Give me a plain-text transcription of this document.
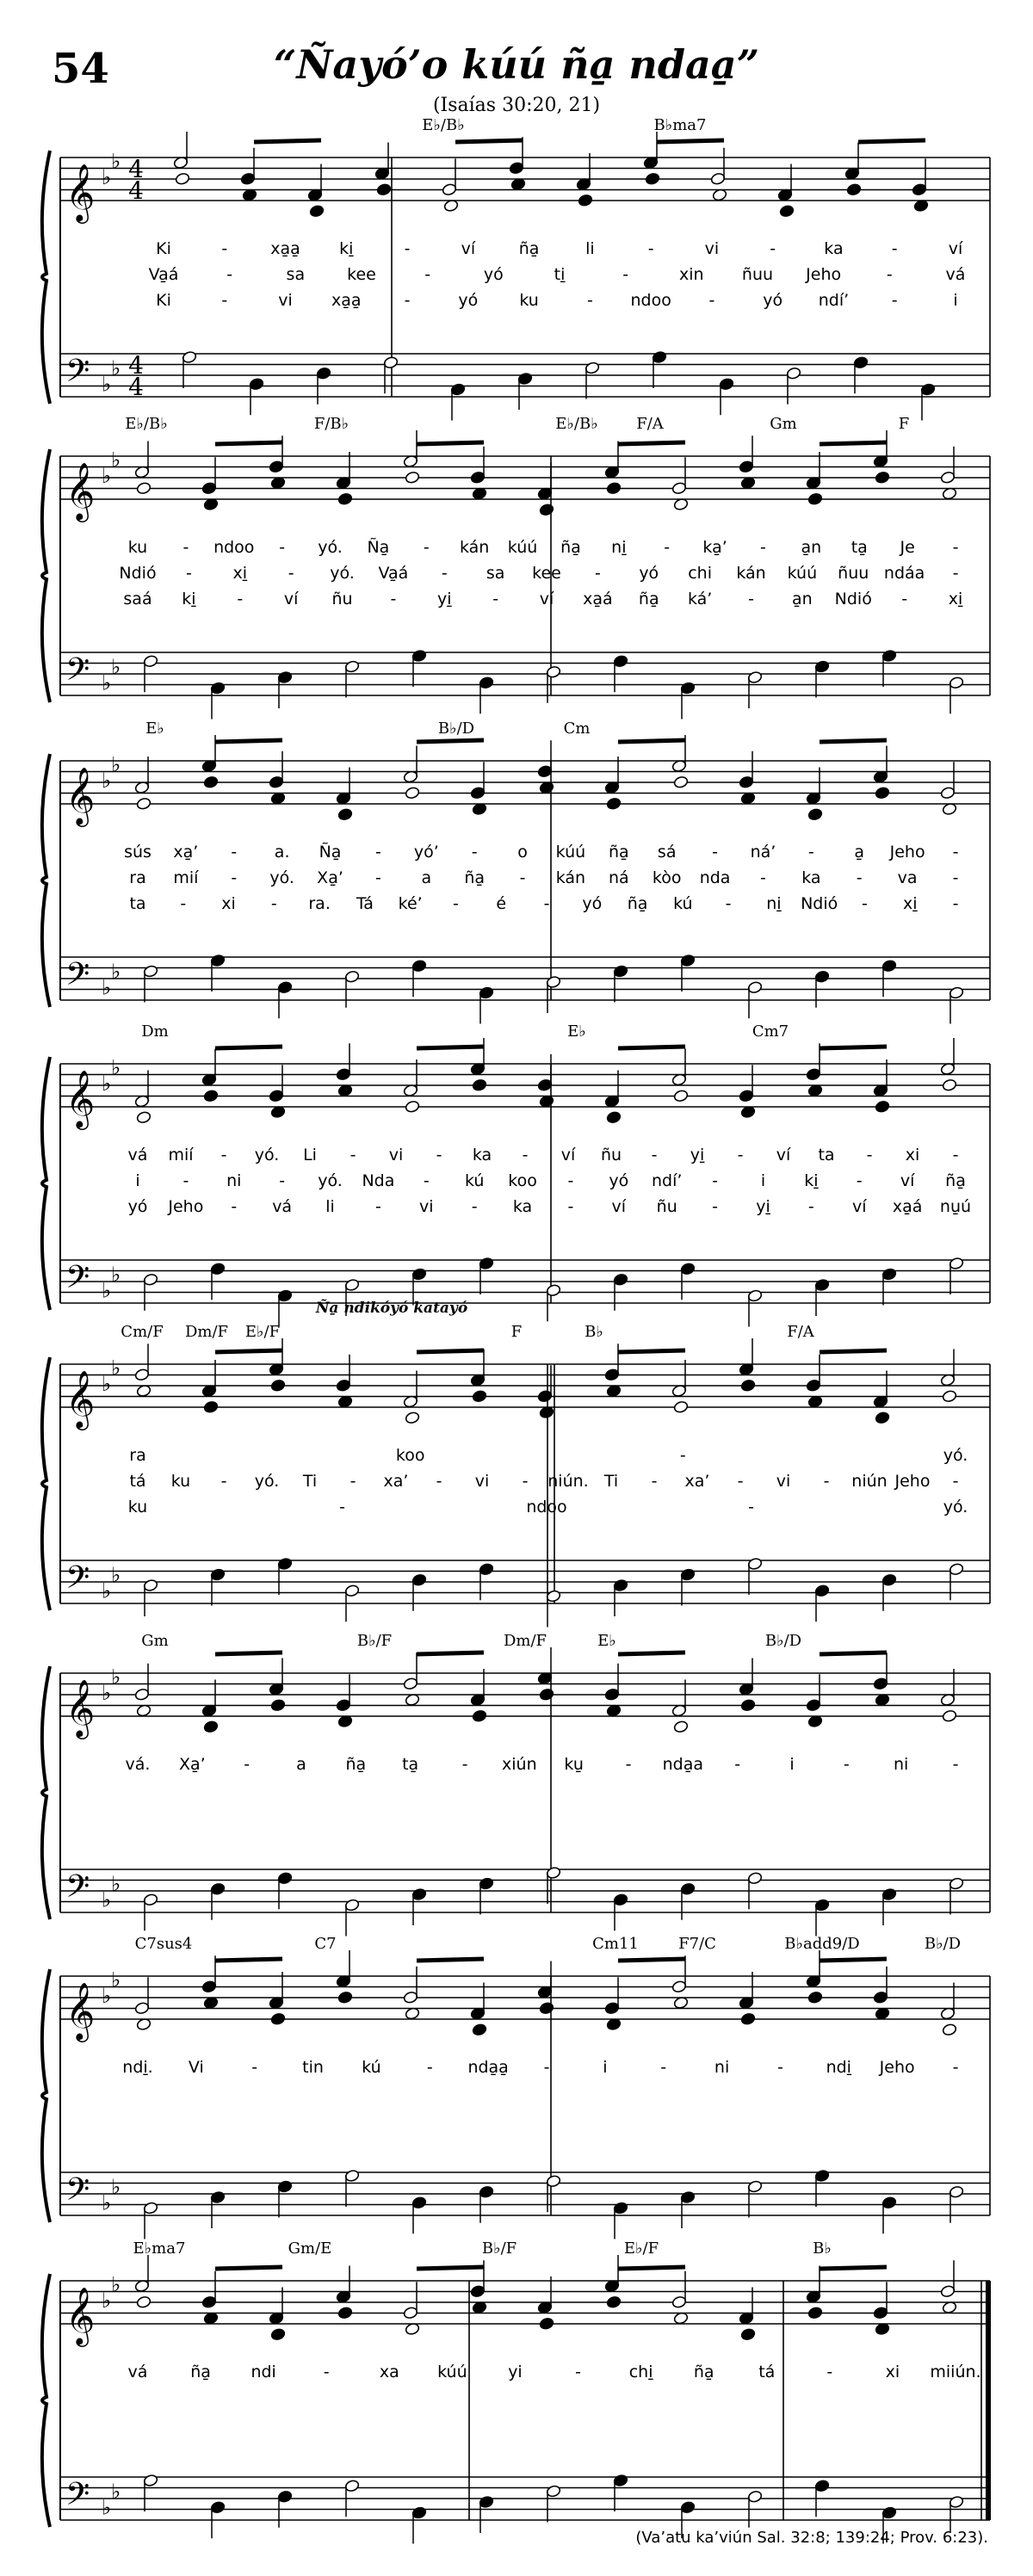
54	“Ñayó’o kúú ña̱ ndaa̱”
(Isaías 30:20, 21)
𝄞
𝄢
♭
♭
♭
♭
4
4
4
4
E♭/B♭	B♭ma7
Ki	-	xa̱a̱ ki̱	-	ví	ña̱	li	-	vi	-	ka	-	ví
Va̱á	-	sa	kee	-	yó	ti̱	-	xin ñuu Jeho	-	vá
Ki	-	vi xa̱a̱	-	yó	ku	- ndoo -	yó ndí’	-	i
𝄞
𝄢
♭
♭
♭
♭
E♭/B♭	F/B♭	E♭/B♭ F/A	Gm	F
ku - ndoo - yó. Ña̱ - kán kúú ña̱ ni̱ - ka̱’ - a̱n ta̱ Je -
Ndió -	xi̱	- yó. Va̱á - sa kee - yó chi kán kúú ñuu ndáa -
saá ki̱	-	ví ñu -	yi̱	-	ví xa̱á ña̱ ká’ - a̱n Ndió -	xi̱
𝄞
𝄢
♭
♭
♭
♭
E♭	B♭/D	Cm
sús xa̱’ - a. Ña̱ - yó’ - o kúú ña̱ sá - ná’ - a̱ Jeho -
ra mií - yó. Xa̱’ - a ña̱ - kán ná kòo nda - ka - va -
ta - xi - ra. Tá ké’ - é - yó ña̱ kú - ni̱ Ndió - xi̱ -
𝄞
𝄢
♭
♭
♭
♭
Dm	E♭	Cm7
vá mií - yó. Li - vi - ka - ví ñu - yi̱ - ví ta - xi -
i	- ni - yó. Nda - kú koo - yó ndí’ -	i ki̱ - ví ña̱
yó Jeho - vá li - vi - ka - ví ñu - yi̱ - ví xa̱á nu̱ú
𝄞
𝄢
♭
♭
♭
♭
Cm/F Dm/F E♭/F	F	B♭	F/A
Ña̱ ndikóyó katayó
ra	koo	-	yó.
tá ku - yó. Ti - xa’ - vi - niún. Ti - xa’ - vi - niún Jeho -
ku	-	ndoo	-	yó.
𝄞
𝄢
♭
♭
♭
♭
Gm	B♭/F	Dm/F	E♭	B♭/D
vá. Xa̱’ -	a ña̱ ta̱	- xiún ku̱	- nda̱a -	i	-	ni	-
𝄞
𝄢
♭
♭
♭
♭
C7sus4	C7	Cm11	F7/C	B♭add9/D	B♭/D
ndi̱. Vi	-	tin kú	- nda̱a̱ -	i	-	ni	-	ndi̱ Jeho -
𝄞
𝄢
♭
♭
♭
♭
E♭ma7	Gm/E	B♭/F	E♭/F	B♭
vá	ña̱ ndi	-	xa kúú	yi	-	chi̱ ña̱	tá	-	xi miiún.
(Va’atu ka’viún Sal. 32:8; 139:24; Prov. 6:23).
